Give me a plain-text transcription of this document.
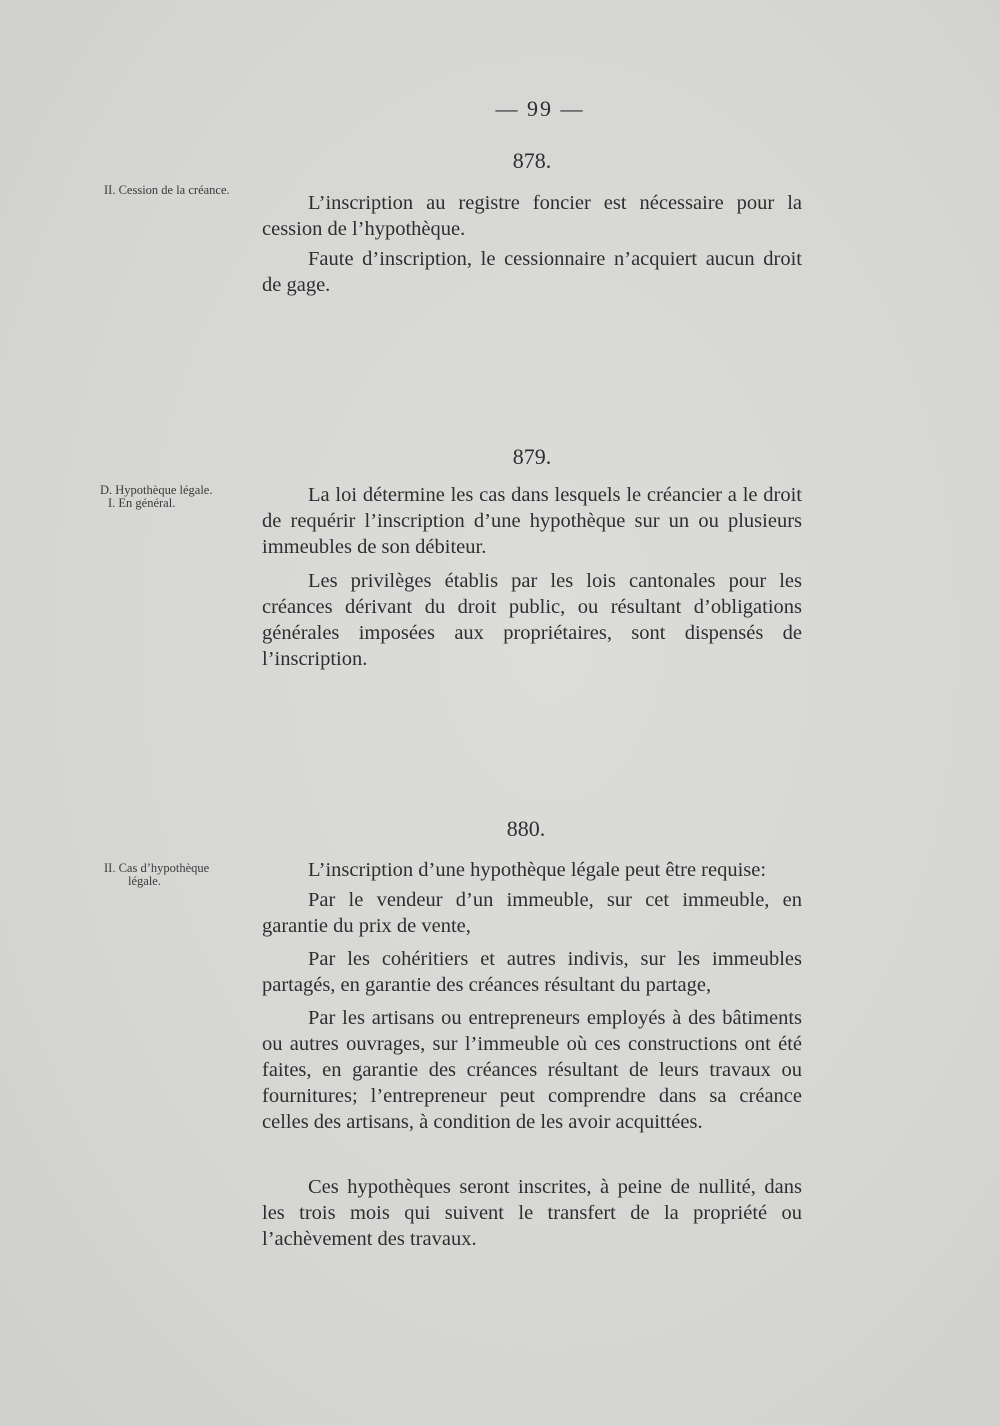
— 99 —
878.
II. Cession de la créance.

L’inscription au registre foncier est nécessaire pour la cession de l’hypothèque.

Faute d’inscription, le cessionnaire n’acquiert aucun droit de gage.

879.
D. Hypothèque légale.
I. En général.	La loi détermine les cas dans lesquels le créancier a le droit de requérir l’inscription d’une hypothèque sur un ou plusieurs immeubles de son débiteur.

Les privilèges établis par les lois cantonales pour les créances dérivant du droit public, ou résultant d’obligations générales imposées aux propriétaires, sont dispensés de l’inscription.

880.
II. Cas d’hypothèque
légale.	L’inscription d’une hypothèque légale peut être requise:

Par le vendeur d’un immeuble, sur cet immeuble, en garantie du prix de vente,

Par les cohéritiers et autres indivis, sur les immeubles partagés, en garantie des créances résultant du partage,

Par les artisans ou entrepreneurs employés à des bâtiments ou autres ouvrages, sur l’immeuble où ces constructions ont été faites, en garantie des créances résultant de leurs travaux ou fournitures; l’entrepreneur peut comprendre dans sa créance celles des artisans, à condition de les avoir acquittées.

Ces hypothèques seront inscrites, à peine de nullité, dans les trois mois qui suivent le transfert de la propriété ou l’achèvement des travaux.
